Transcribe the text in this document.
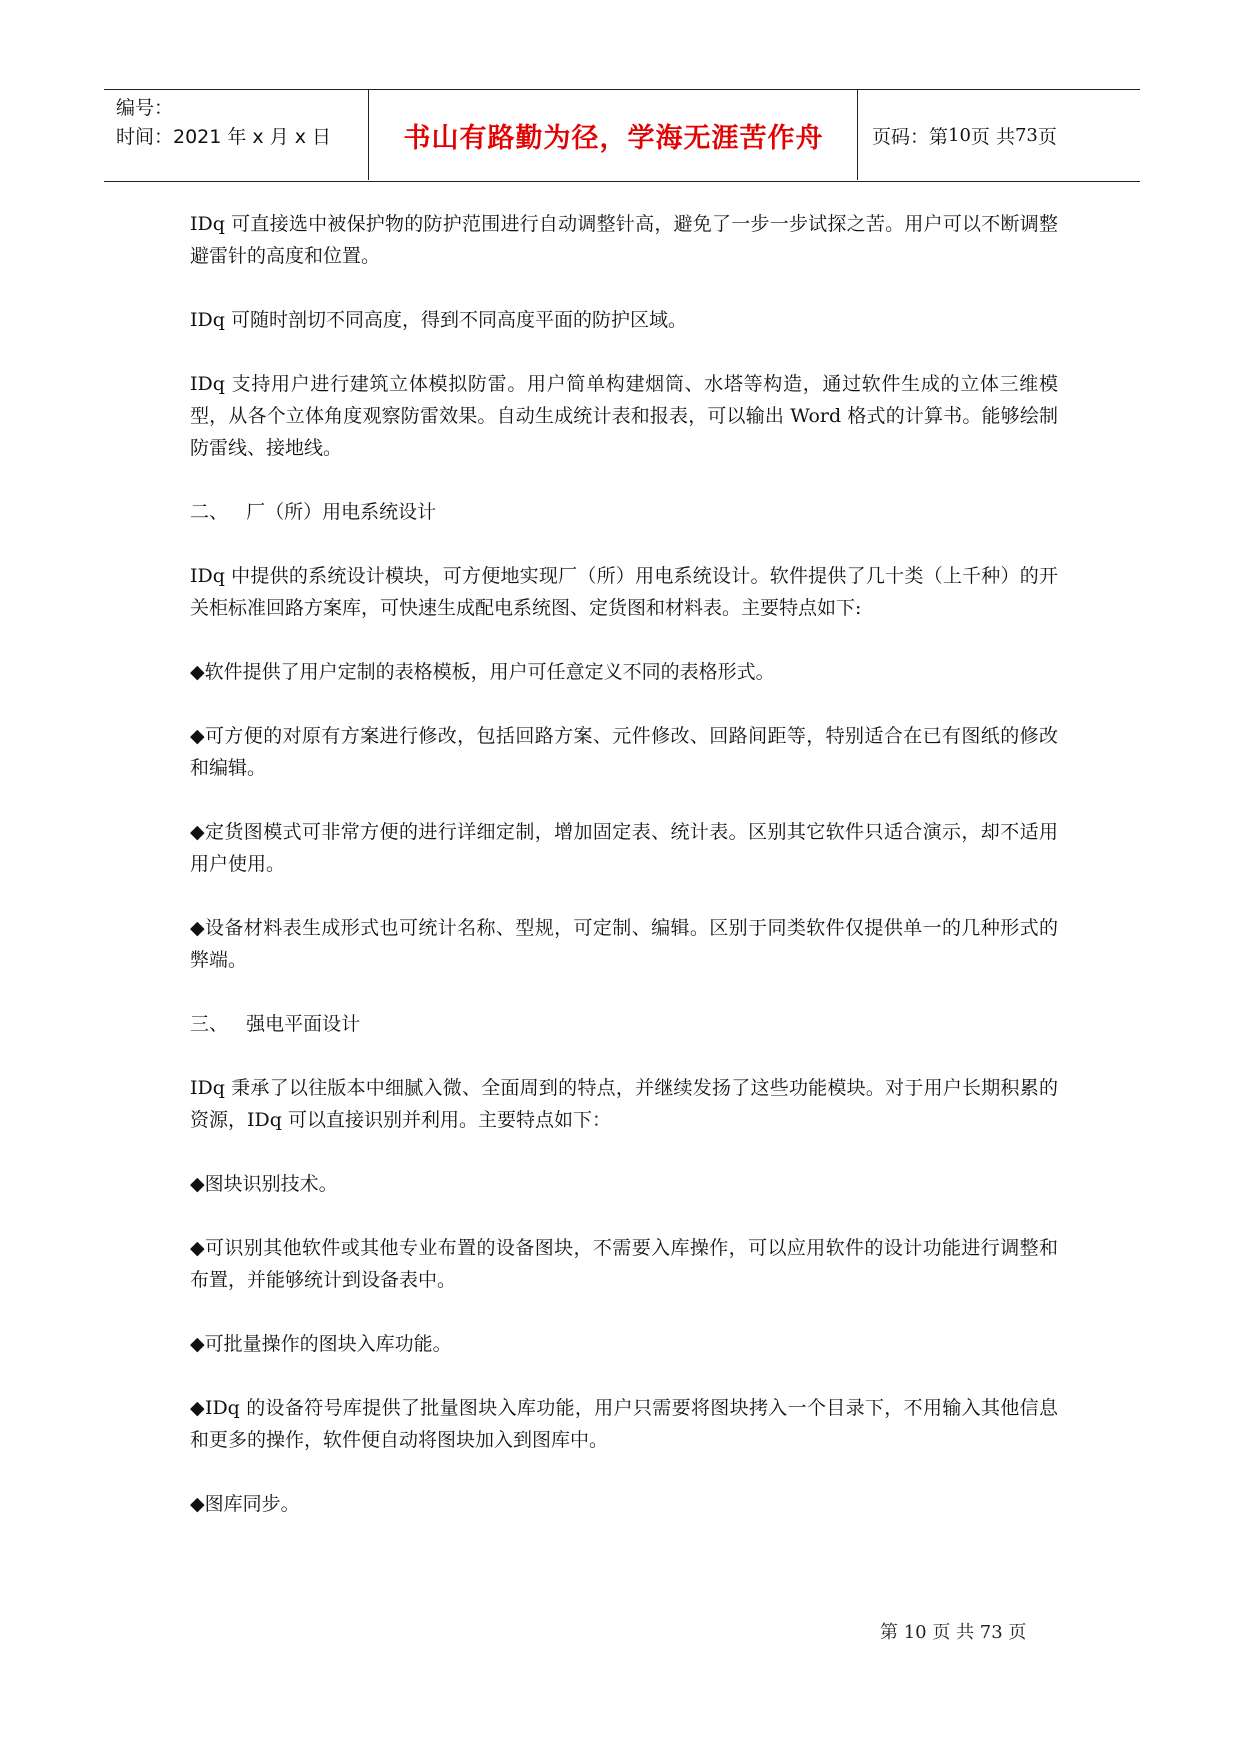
编号：
时间：2021 年 x 月 x 日	书山有路勤为径，学海无涯苦作舟	页码：第 10 页 共 73 页

IDq 可直接选中被保护物的防护范围进行自动调整针高，避免了一步一步试探之苦。用户可以不断调整避雷针的高度和位置。

IDq 可随时剖切不同高度，得到不同高度平面的防护区域。

IDq 支持用户进行建筑立体模拟防雷。用户简单构建烟筒、水塔等构造，通过软件生成的立体三维模型，从各个立体角度观察防雷效果。自动生成统计表和报表，可以输出 Word 格式的计算书。能够绘制防雷线、接地线。

二、   厂（所）用电系统设计

IDq 中提供的系统设计模块，可方便地实现厂（所）用电系统设计。软件提供了几十类（上千种）的开关柜标准回路方案库，可快速生成配电系统图、定货图和材料表。主要特点如下:

◆软件提供了用户定制的表格模板，用户可任意定义不同的表格形式。

◆可方便的对原有方案进行修改，包括回路方案、元件修改、回路间距等，特别适合在已有图纸的修改和编辑。

◆定货图模式可非常方便的进行详细定制，增加固定表、统计表。区别其它软件只适合演示，却不适用用户使用。

◆设备材料表生成形式也可统计名称、型规，可定制、编辑。区别于同类软件仅提供单一的几种形式的弊端。

三、   强电平面设计

IDq 秉承了以往版本中细腻入微、全面周到的特点，并继续发扬了这些功能模块。对于用户长期积累的资源，IDq 可以直接识别并利用。主要特点如下：

◆图块识别技术。

◆可识别其他软件或其他专业布置的设备图块，不需要入库操作，可以应用软件的设计功能进行调整和布置，并能够统计到设备表中。

◆可批量操作的图块入库功能。

◆IDq 的设备符号库提供了批量图块入库功能，用户只需要将图块拷入一个目录下，不用输入其他信息和更多的操作，软件便自动将图块加入到图库中。

◆图库同步。

第 10 页 共 73 页
